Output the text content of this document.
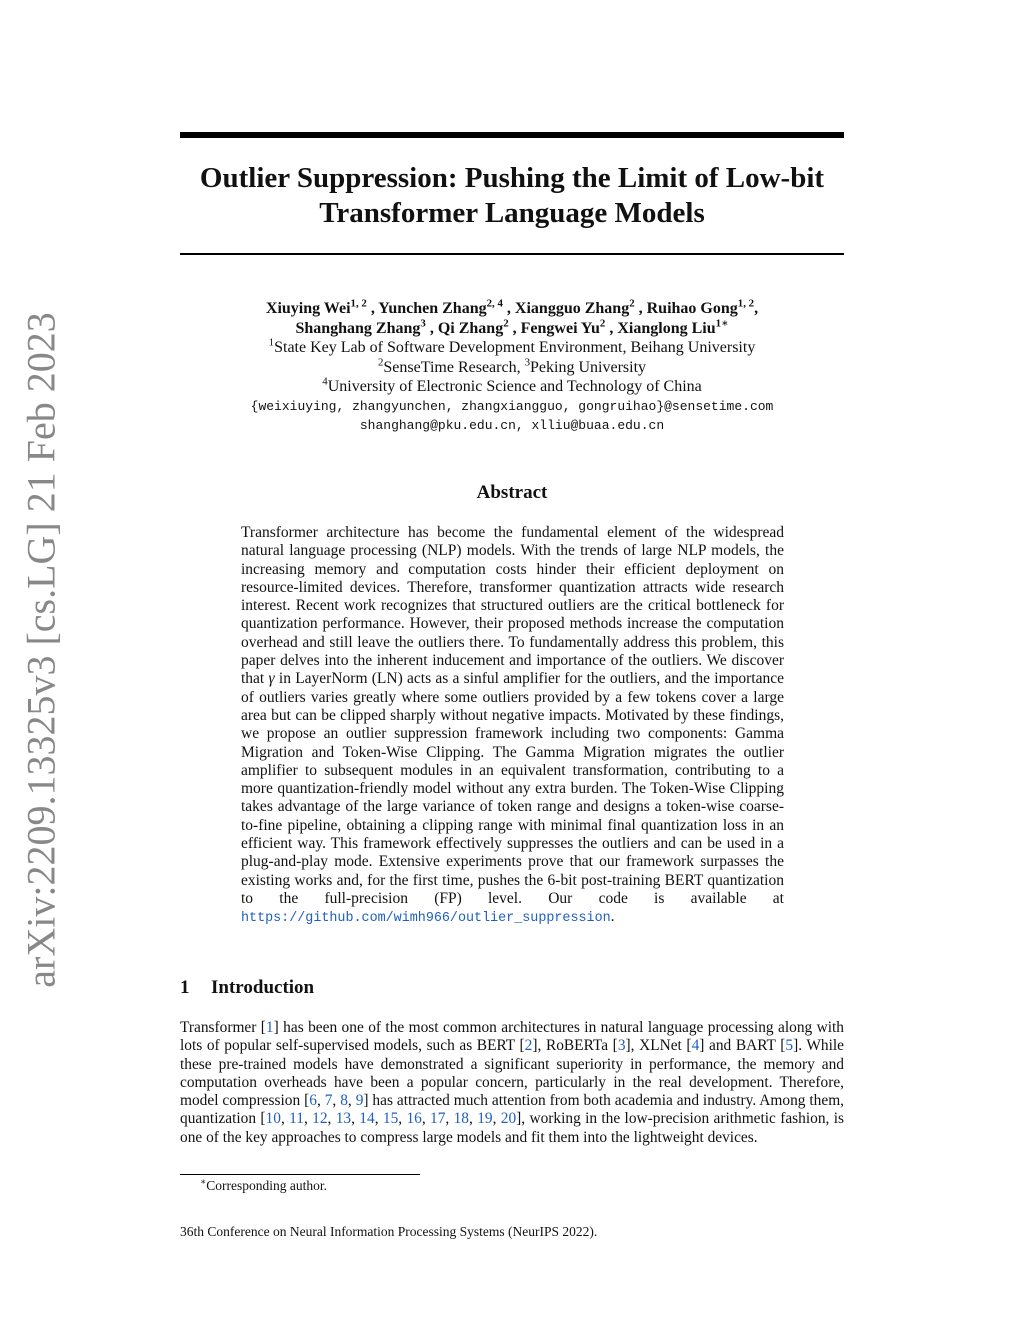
arXiv:2209.13325v3 [cs.LG] 21 Feb 2023
Outlier Suppression: Pushing the Limit of Low-bit
Transformer Language Models
Xiuying Wei$^{1, 2}$ , Yunchen Zhang$^{2, 4}$ , Xiangguo Zhang$^2$ , Ruihao Gong$^{1, 2}$,
Shanghang Zhang$^3$ , Qi Zhang$^2$ , Fengwei Yu$^2$ , Xianglong Liu$^{1∗}$
$^1$State Key Lab of Software Development Environment, Beihang University
$^2$SenseTime Research, $^3$Peking University
$^4$University of Electronic Science and Technology of China
{weixiuying, zhangyunchen, zhangxiangguo, gongruihao}@sensetime.com
shanghang@pku.edu.cn, xlliu@buaa.edu.cn
Abstract
Transformer architecture has become the fundamental element of the widespread natural language processing (NLP) models. With the trends of large NLP models, the increasing memory and computation costs hinder their efficient deployment on resource-limited devices. Therefore, transformer quantization attracts wide research interest. Recent work recognizes that structured outliers are the critical bottleneck for quantization performance. However, their proposed methods increase the computation overhead and still leave the outliers there. To fundamentally address this problem, this paper delves into the inherent inducement and importance of the outliers. We discover that γ in LayerNorm (LN) acts as a sinful amplifier for the outliers, and the importance of outliers varies greatly where some outliers provided by a few tokens cover a large area but can be clipped sharply without negative impacts. Motivated by these findings, we propose an outlier suppression framework including two components: Gamma Migration and Token-Wise Clipping. The Gamma Migration migrates the outlier amplifier to subsequent modules in an equivalent transformation, contributing to a more quantization-friendly model without any extra burden. The Token-Wise Clipping takes advantage of the large variance of token range and designs a token-wise coarse-to-fine pipeline, obtaining a clipping range with minimal final quantization loss in an efficient way. This framework effectively suppresses the outliers and can be used in a plug-and-play mode. Extensive experiments prove that our framework surpasses the existing works and, for the first time, pushes the 6-bit post-training BERT quantization to the full-precision (FP) level. Our code is available at https://github.com/wimh966/outlier_suppression.
1 Introduction
Transformer [1] has been one of the most common architectures in natural language processing along with lots of popular self-supervised models, such as BERT [2], RoBERTa [3], XLNet [4] and BART [5]. While these pre-trained models have demonstrated a significant superiority in performance, the memory and computation overheads have been a popular concern, particularly in the real development. Therefore, model compression [6, 7, 8, 9] has attracted much attention from both academia and industry. Among them, quantization [10, 11, 12, 13, 14, 15, 16, 17, 18, 19, 20], working in the low-precision arithmetic fashion, is one of the key approaches to compress large models and fit them into the lightweight devices.
∗Corresponding author.
36th Conference on Neural Information Processing Systems (NeurIPS 2022).
